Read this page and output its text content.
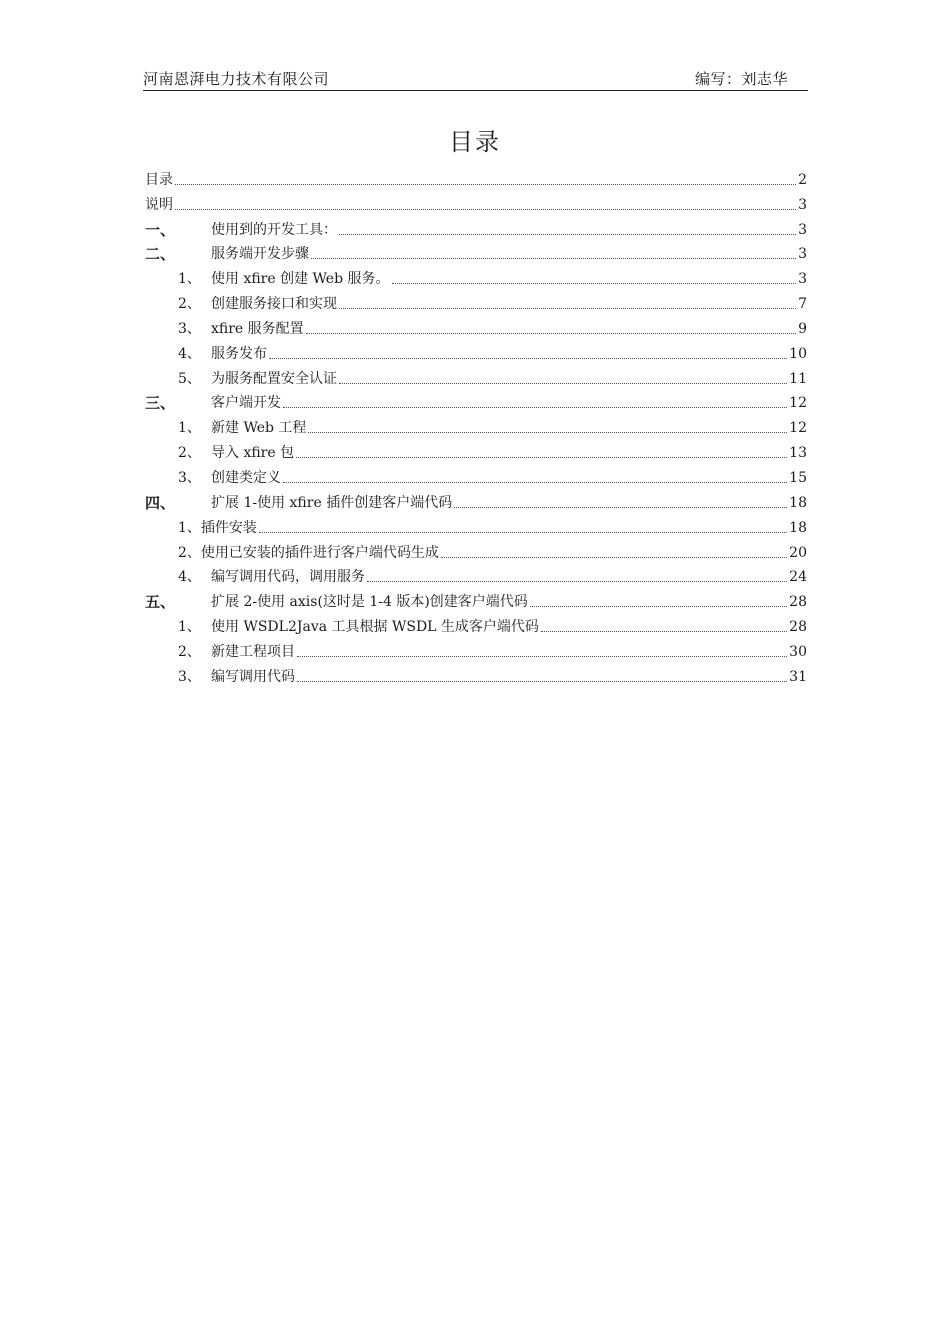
河南恩湃电力技术有限公司	编写：刘志华
目录
目录	2
说明	3
一、	使用到的开发工具：	3
二、	服务端开发步骤	3
1、 使用 xfire 创建 Web 服务。	3
2、 创建服务接口和实现	7
3、 xfire 服务配置	9
4、 服务发布	10
5、 为服务配置安全认证	11
三、	客户端开发	12
1、 新建 Web 工程	12
2、 导入 xfire 包	13
3、 创建类定义	15
四、	扩展 1-使用 xfire 插件创建客户端代码	18
1、 插件安装	18
2、 使用已安装的插件进行客户端代码生成	20
4、 编写调用代码，调用服务	24
五、	扩展 2-使用 axis(这时是 1-4 版本)创建客户端代码	28
1、 使用 WSDL2Java 工具根据 WSDL 生成客户端代码	28
2、 新建工程项目	30
3、 编写调用代码	31
